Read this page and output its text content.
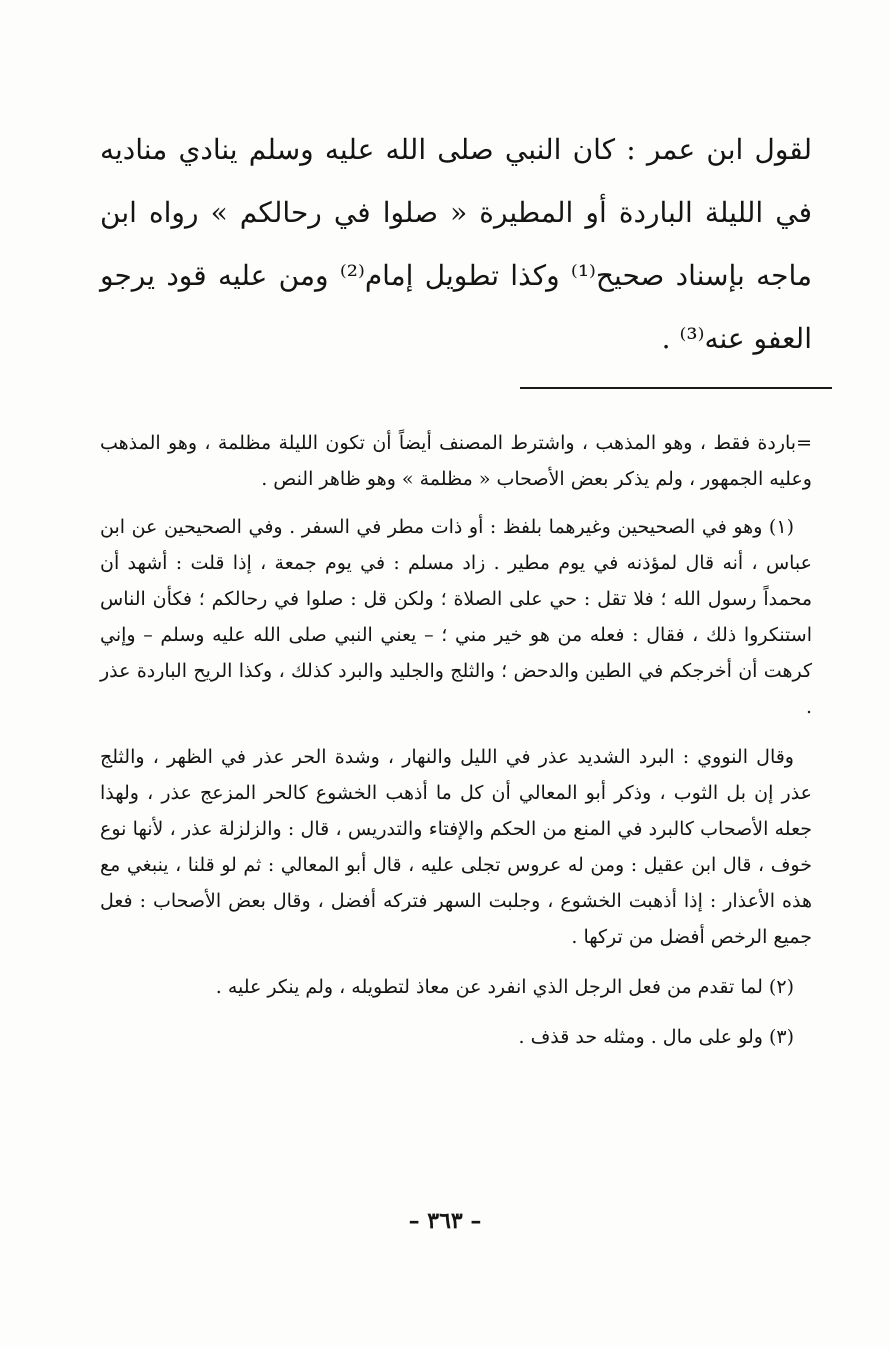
لقول ابن عمر : كان النبي صلى الله عليه وسلم ينادي مناديه في الليلة الباردة أو المطيرة « صلوا في رحالكم » رواه ابن ماجه بإسناد صحيح⁽¹⁾ وكذا تطويل إمام⁽²⁾ ومن عليه قود يرجو العفو عنه⁽³⁾ .

=باردة فقط ، وهو المذهب ، واشترط المصنف أيضاً أن تكون الليلة مظلمة ، وهو المذهب وعليه الجمهور ، ولم يذكر بعض الأصحاب « مظلمة » وهو ظاهر النص .

(١) وهو في الصحيحين وغيرهما بلفظ : أو ذات مطر في السفر . وفي الصحيحين عن ابن عباس ، أنه قال لمؤذنه في يوم مطير . زاد مسلم : في يوم جمعة ، إذا قلت : أشهد أن محمداً رسول الله ؛ فلا تقل : حي على الصلاة ؛ ولكن قل : صلوا في رحالكم ؛ فكأن الناس استنكروا ذلك ، فقال : فعله من هو خير مني ؛ – يعني النبي صلى الله عليه وسلم – وإني كرهت أن أخرجكم في الطين والدحض ؛ والثلج والجليد والبرد كذلك ، وكذا الريح الباردة عذر .

وقال النووي : البرد الشديد عذر في الليل والنهار ، وشدة الحر عذر في الظهر ، والثلج عذر إن بل الثوب ، وذكر أبو المعالي أن كل ما أذهب الخشوع كالحر المزعج عذر ، ولهذا جعله الأصحاب كالبرد في المنع من الحكم والإفتاء والتدريس ، قال : والزلزلة عذر ، لأنها نوع خوف ، قال ابن عقيل : ومن له عروس تجلى عليه ، قال أبو المعالي : ثم لو قلنا ، ينبغي مع هذه الأعذار : إذا أذهبت الخشوع ، وجلبت السهر فتركه أفضل ، وقال بعض الأصحاب : فعل جميع الرخص أفضل من تركها .

(٢) لما تقدم من فعل الرجل الذي انفرد عن معاذ لتطويله ، ولم ينكر عليه .

(٣) ولو على مال . ومثله حد قذف .

– ٣٦٣ –
